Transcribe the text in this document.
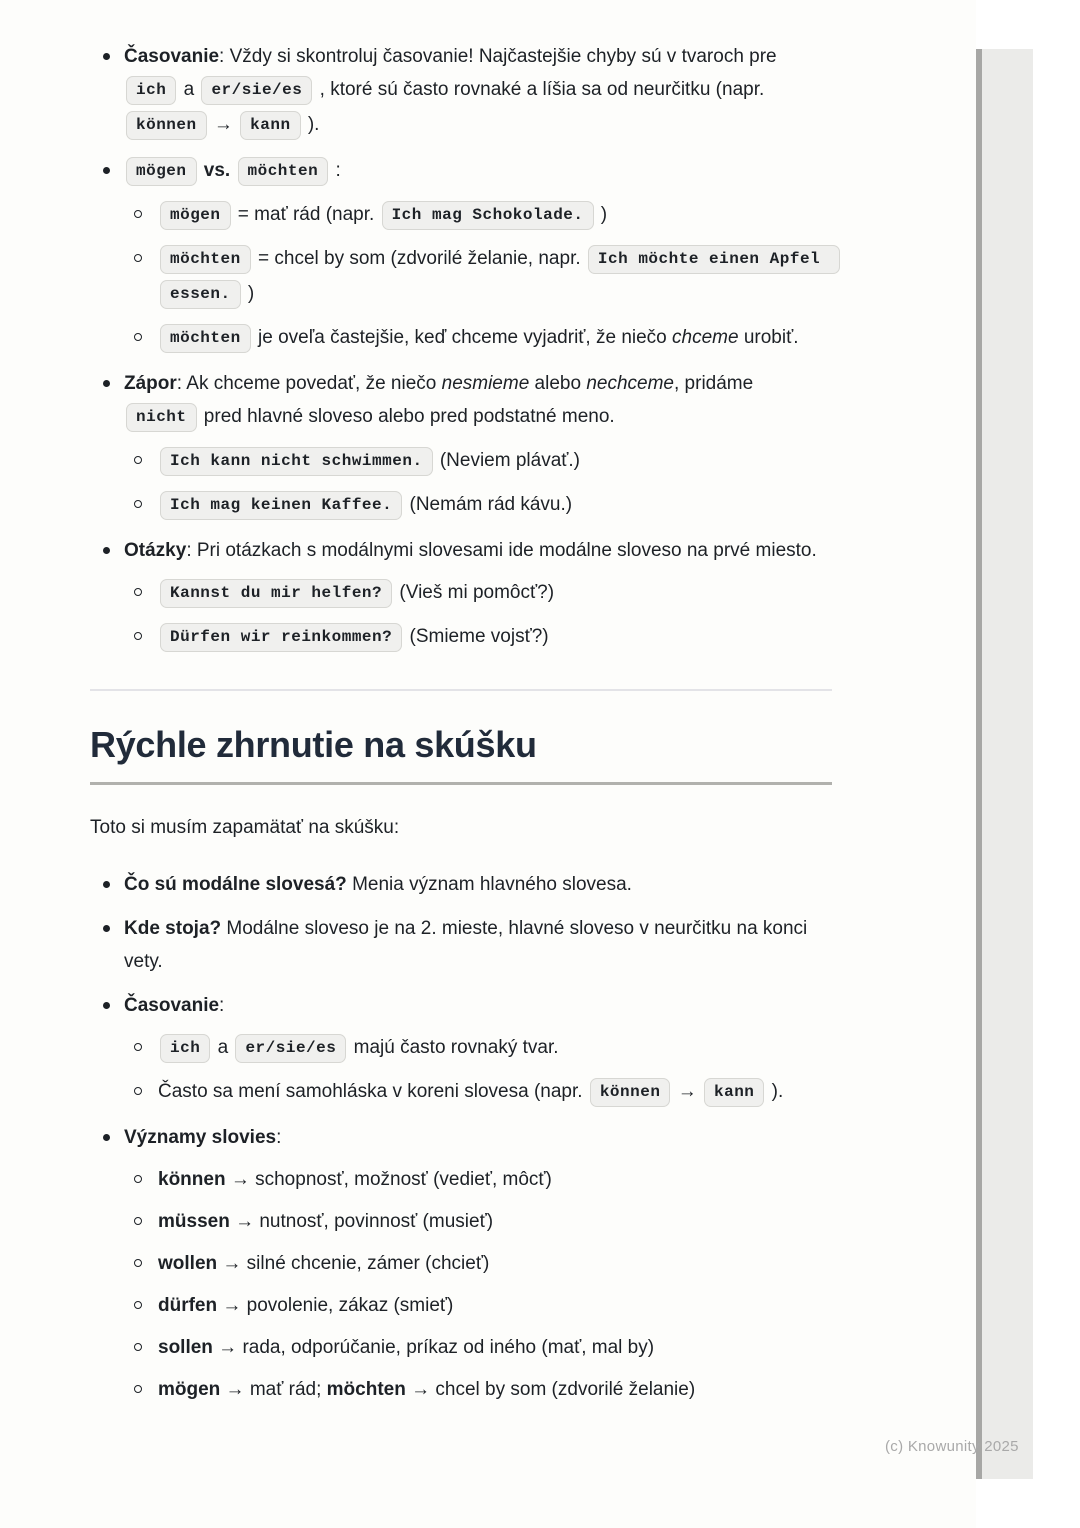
Časovanie: Vždy si skontroluj časovanie! Najčastejšie chyby sú v tvaroch pre ich a er/sie/es , ktoré sú často rovnaké a líšia sa od neurčitku (napr. können → kann ).
mögen vs. möchten :
mögen = mať rád (napr. Ich mag Schokolade. )
möchten = chcel by som (zdvorilé želanie, napr. Ich möchte einen Apfel essen. )
möchten je oveľa častejšie, keď chceme vyjadriť, že niečo chceme urobiť.
Zápor: Ak chceme povedať, že niečo nesmieme alebo nechceme, pridáme nicht pred hlavné sloveso alebo pred podstatné meno.
Ich kann nicht schwimmen. (Neviem plávať.)
Ich mag keinen Kaffee. (Nemám rád kávu.)
Otázky: Pri otázkach s modálnymi slovesami ide modálne sloveso na prvé miesto.
Kannst du mir helfen? (Vieš mi pomôcť?)
Dürfen wir reinkommen? (Smieme vojsť?)
Rýchle zhrnutie na skúšku

Toto si musím zapamätať na skúšku:

Čo sú modálne slovesá? Menia význam hlavného slovesa.
Kde stoja? Modálne sloveso je na 2. mieste, hlavné sloveso v neurčitku na konci vety.
Časovanie:
ich a er/sie/es majú často rovnaký tvar.
Často sa mení samohláska v koreni slovesa (napr. können → kann ).
Významy slovies:
können → schopnosť, možnosť (vedieť, môcť)
müssen → nutnosť, povinnosť (musieť)
wollen → silné chcenie, zámer (chcieť)
dürfen → povolenie, zákaz (smieť)
sollen → rada, odporúčanie, príkaz od iného (mať, mal by)
mögen → mať rád; möchten → chcel by som (zdvorilé želanie)
(c) Knowunity 2025
